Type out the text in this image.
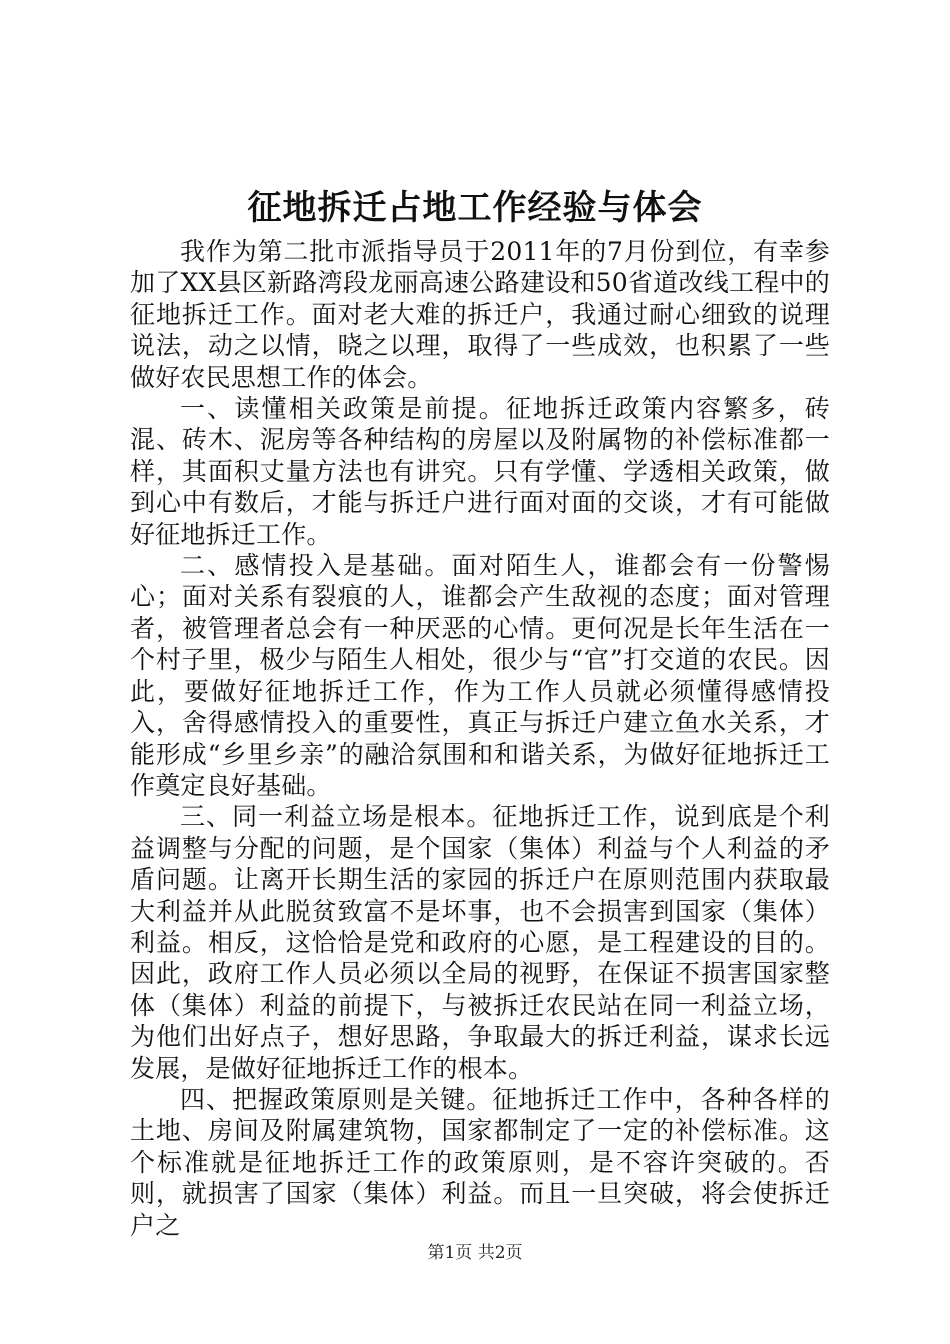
征地拆迁占地工作经验与体会

我作为第二批市派指导员于2011年的7月份到位，有幸参加了XX县区新路湾段龙丽高速公路建设和50省道改线工程中的征地拆迁工作。面对老大难的拆迁户，我通过耐心细致的说理说法，动之以情，晓之以理，取得了一些成效，也积累了一些做好农民思想工作的体会。

一、读懂相关政策是前提。征地拆迁政策内容繁多，砖混、砖木、泥房等各种结构的房屋以及附属物的补偿标准都一样，其面积丈量方法也有讲究。只有学懂、学透相关政策，做到心中有数后，才能与拆迁户进行面对面的交谈，才有可能做好征地拆迁工作。

二、感情投入是基础。面对陌生人，谁都会有一份警惕心；面对关系有裂痕的人，谁都会产生敌视的态度；面对管理者，被管理者总会有一种厌恶的心情。更何况是长年生活在一个村子里，极少与陌生人相处，很少与“官”打交道的农民。因此，要做好征地拆迁工作，作为工作人员就必须懂得感情投入，舍得感情投入的重要性，真正与拆迁户建立鱼水关系，才能形成“乡里乡亲”的融洽氛围和和谐关系，为做好征地拆迁工作奠定良好基础。

三、同一利益立场是根本。征地拆迁工作，说到底是个利益调整与分配的问题，是个国家（集体）利益与个人利益的矛盾问题。让离开长期生活的家园的拆迁户在原则范围内获取最大利益并从此脱贫致富不是坏事，也不会损害到国家（集体）利益。相反，这恰恰是党和政府的心愿，是工程建设的目的。因此，政府工作人员必须以全局的视野，在保证不损害国家整体（集体）利益的前提下，与被拆迁农民站在同一利益立场，为他们出好点子，想好思路，争取最大的拆迁利益，谋求长远发展，是做好征地拆迁工作的根本。

四、把握政策原则是关键。征地拆迁工作中，各种各样的土地、房间及附属建筑物，国家都制定了一定的补偿标准。这个标准就是征地拆迁工作的政策原则，是不容许突破的。否则，就损害了国家（集体）利益。而且一旦突破，将会使拆迁户之

第1页 共2页
